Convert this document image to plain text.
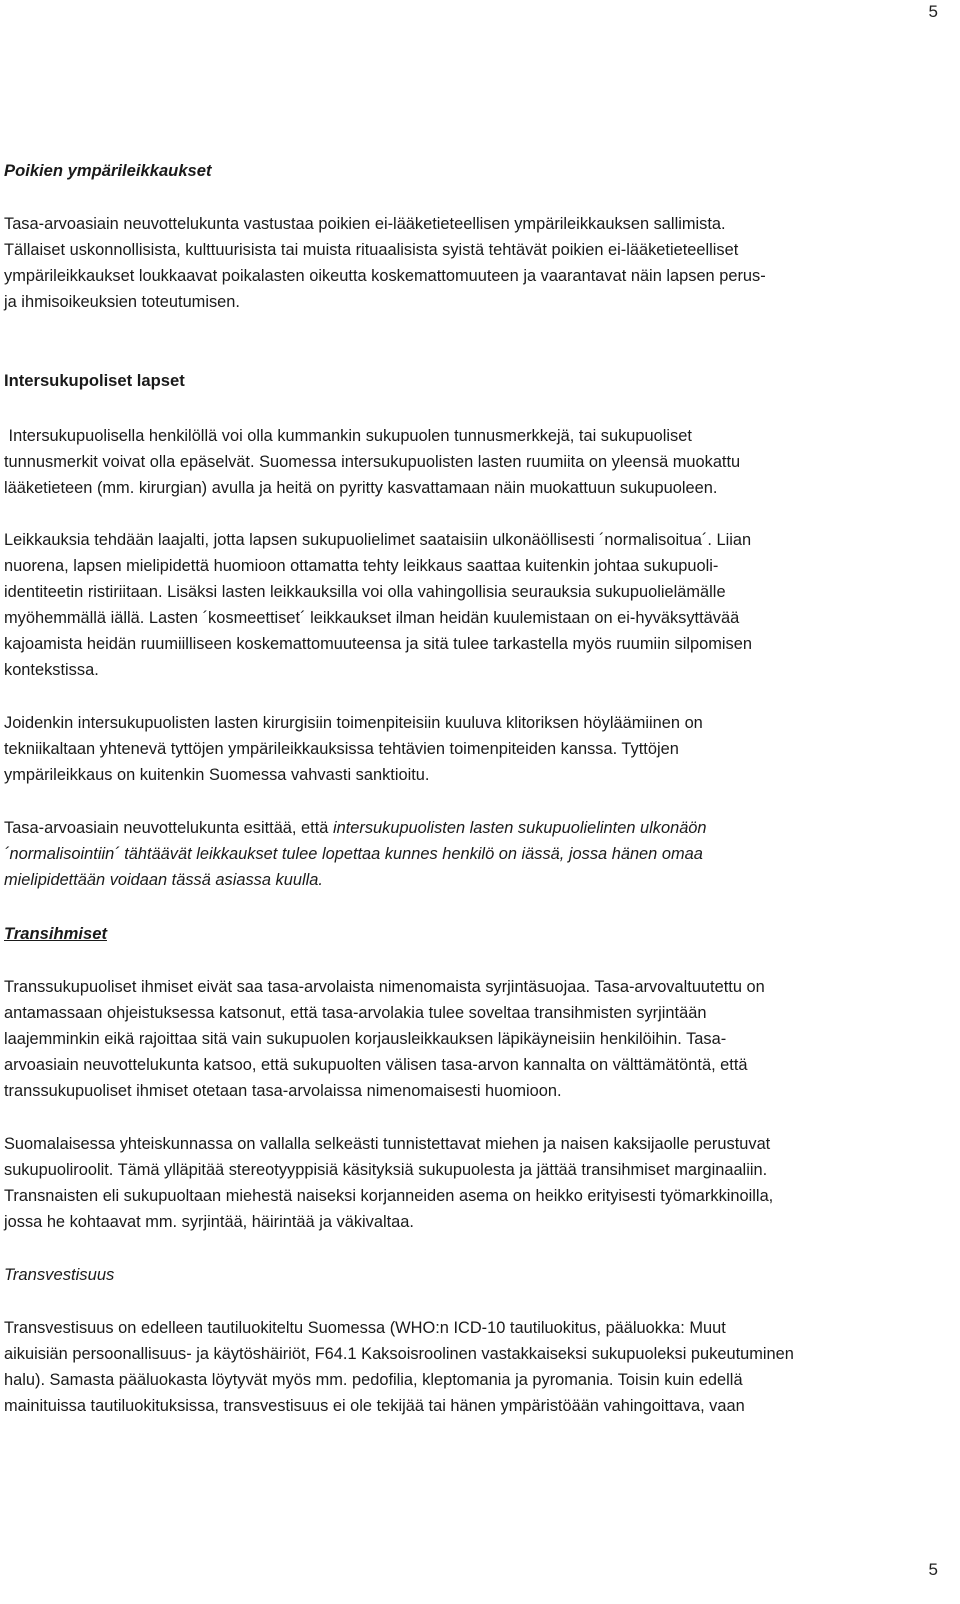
5
Poikien ympärileikkaukset
Tasa-arvoasiain neuvottelukunta vastustaa poikien ei-lääketieteellisen ympärileikkauksen sallimista.
Tällaiset uskonnollisista, kulttuurisista tai muista rituaalisista syistä tehtävät poikien ei-lääketieteelliset
ympärileikkaukset loukkaavat poikalasten oikeutta koskemattomuuteen ja vaarantavat näin lapsen perus-
ja ihmisoikeuksien toteutumisen.
Intersukupoliset lapset
Intersukupuolisella henkilöllä voi olla kummankin sukupuolen tunnusmerkkejä, tai sukupuoliset
tunnusmerkit voivat olla epäselvät. Suomessa intersukupuolisten lasten ruumiita on yleensä muokattu
lääketieteen (mm. kirurgian) avulla ja heitä on pyritty kasvattamaan näin muokattuun sukupuoleen.
Leikkauksia tehdään laajalti, jotta lapsen sukupuolielimet saataisiin ulkonäöllisesti ´normalisoitua´. Liian
nuorena, lapsen mielipidettä huomioon ottamatta tehty leikkaus saattaa kuitenkin johtaa sukupuoli-
identiteetin ristiriitaan. Lisäksi lasten leikkauksilla voi olla vahingollisia seurauksia sukupuolielämälle
myöhemmällä iällä. Lasten ´kosmeettiset´ leikkaukset ilman heidän kuulemistaan on ei-hyväksyttävää
kajoamista heidän ruumiilliseen koskemattomuuteensa ja sitä tulee tarkastella myös ruumiin silpomisen
kontekstissa.
Joidenkin intersukupuolisten lasten kirurgisiin toimenpiteisiin kuuluva klitoriksen höyläämiinen on
tekniikaltaan yhtenevä tyttöjen ympärileikkauksissa tehtävien toimenpiteiden kanssa. Tyttöjen
ympärileikkaus on kuitenkin Suomessa vahvasti sanktioitu.
Tasa-arvoasiain neuvottelukunta esittää, että intersukupuolisten lasten sukupuolielinten ulkonäön
´normalisointiin´ tähtäävät leikkaukset tulee lopettaa kunnes henkilö on iässä, jossa hänen omaa
mielipidettään voidaan tässä asiassa kuulla.
Transihmiset
Transsukupuoliset ihmiset eivät saa tasa-arvolaista nimenomaista syrjintäsuojaa. Tasa-arvovaltuutettu on
antamassaan ohjeistuksessa katsonut, että tasa-arvolakia tulee soveltaa transihmisten syrjintään
laajemminkin eikä rajoittaa sitä vain sukupuolen korjausleikkauksen läpikäyneisiin henkilöihin. Tasa-
arvoasiain neuvottelukunta katsoo, että sukupuolten välisen tasa-arvon kannalta on välttämätöntä, että
transsukupuoliset ihmiset otetaan tasa-arvolaissa nimenomaisesti huomioon.
Suomalaisessa yhteiskunnassa on vallalla selkeästi tunnistettavat miehen ja naisen kaksijaolle perustuvat
sukupuoliroolit. Tämä ylläpitää stereotyyppisiä käsityksiä sukupuolesta ja jättää transihmiset marginaaliin.
Transnaisten eli sukupuoltaan miehestä naiseksi korjanneiden asema on heikko erityisesti työmarkkinoilla,
jossa he kohtaavat mm. syrjintää, häirintää ja väkivaltaa.
Transvestisuus
Transvestisuus on edelleen tautiluokiteltu Suomessa (WHO:n ICD-10 tautiluokitus, pääluokka: Muut
aikuisiän persoonallisuus- ja käytöshäiriöt, F64.1 Kaksoisroolinen vastakkaiseksi sukupuoleksi pukeutuminen
halu). Samasta pääluokasta löytyvät myös mm. pedofilia, kleptomania ja pyromania. Toisin kuin edellä
mainituissa tautiluokituksissa, transvestisuus ei ole tekijää tai hänen ympäristöään vahingoittava, vaan
5
